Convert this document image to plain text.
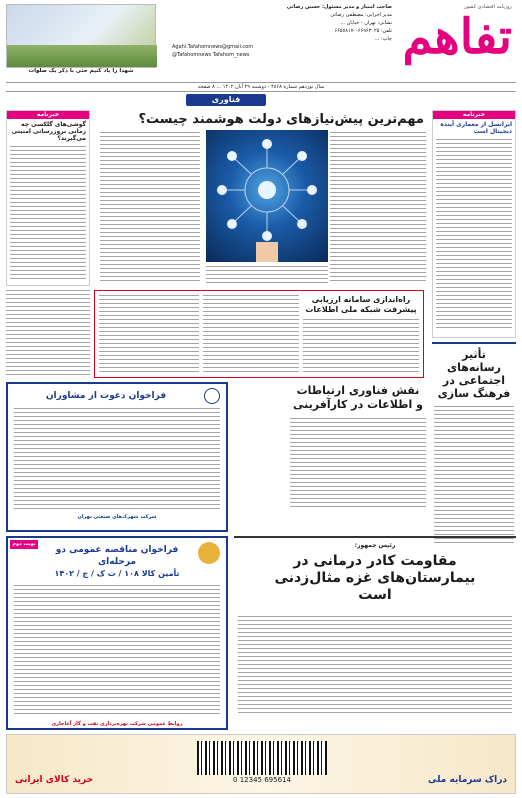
تفاهم
روزنامه اقتصادی کشور
صاحب امتیاز و مدیر مسئول: حسین رضائی
مدیر اجرایی: مصطفی رضائی
نشانی: تهران - خیابان ...
تلفن: ۶۶۹۶۳۰۲۵-۶۶۵۷۸۱۷۰
چاپ: ...
Agahi.Tafahomnews@gmail.com
@Tafahomnews Tafahom_news
شهدا را یاد کنیم حتی با ذکر یک صلوات
سال نوزدهم شماره ۴۸۶۸ - دوشنبه ۲۹ آبان ۱۴۰۲ ... ۸ صفحه
فناوری
خبرنامه
ایرانسل از معماری آینده دیجیتال است
مهم‌ترین پیش‌نیازهای دولت هوشمند چیست؟
خبرنامه
گوشی‌های گلکسی چه زمانی بروزرسانی امنیتی می‌گیرند؟
راه‌اندازی سامانه ارزیابی پیشرفت شبکه ملی اطلاعات
تأثیر رسانه‌های اجتماعی در فرهنگ سازی
نقش فناوری ارتباطات و اطلاعات در کارآفرینی
فراخوان دعوت از مشاوران
شرکت شهرک‌های صنعتی تهران
نوبت دوم
فراخوان مناقصه عمومی دو مرحله‌ای
تأمین کالا ۱۰۸ / ت ک / ج / ۱۴۰۲
روابط عمومی شرکت بهره‌برداری نفت و گاز آغاجاری
رئیس جمهور:
مقاومت کادر درمانی در بیمارستان‌های غزه مثال‌زدنی است
دراک سرمایه ملی
خرید کالای ایرانی	0 12345 695614
